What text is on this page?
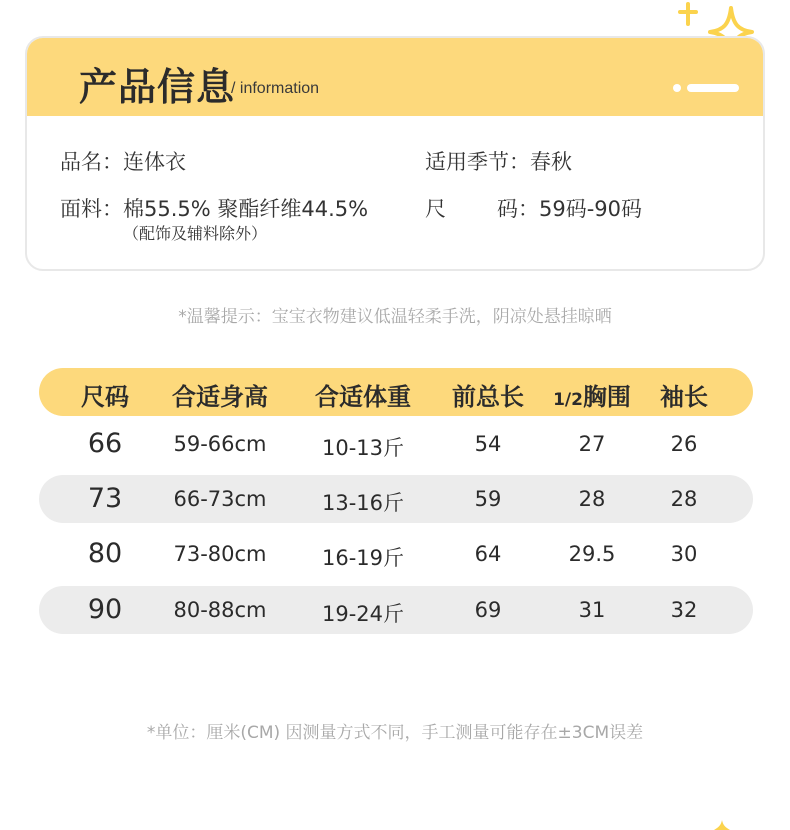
产品信息
/ information
品名：连体衣	适用季节：春秋
面料：棉55.5% 聚酯纤维44.5%
（配饰及辅料除外）
尺 码：59码-90码
*温馨提示：宝宝衣物建议低温轻柔手洗，阴凉处悬挂晾晒
尺码 合适身高 合适体重 前总长 1/2胸围 袖长
66 59-66cm	10-13斤	54	27	26
73 66-73cm	13-16斤	59	28	28
80 73-80cm	16-19斤	64	29.5	30
90 80-88cm	19-24斤	69	31	32
*单位：厘米(CM) 因测量方式不同，手工测量可能存在±3CM误差
